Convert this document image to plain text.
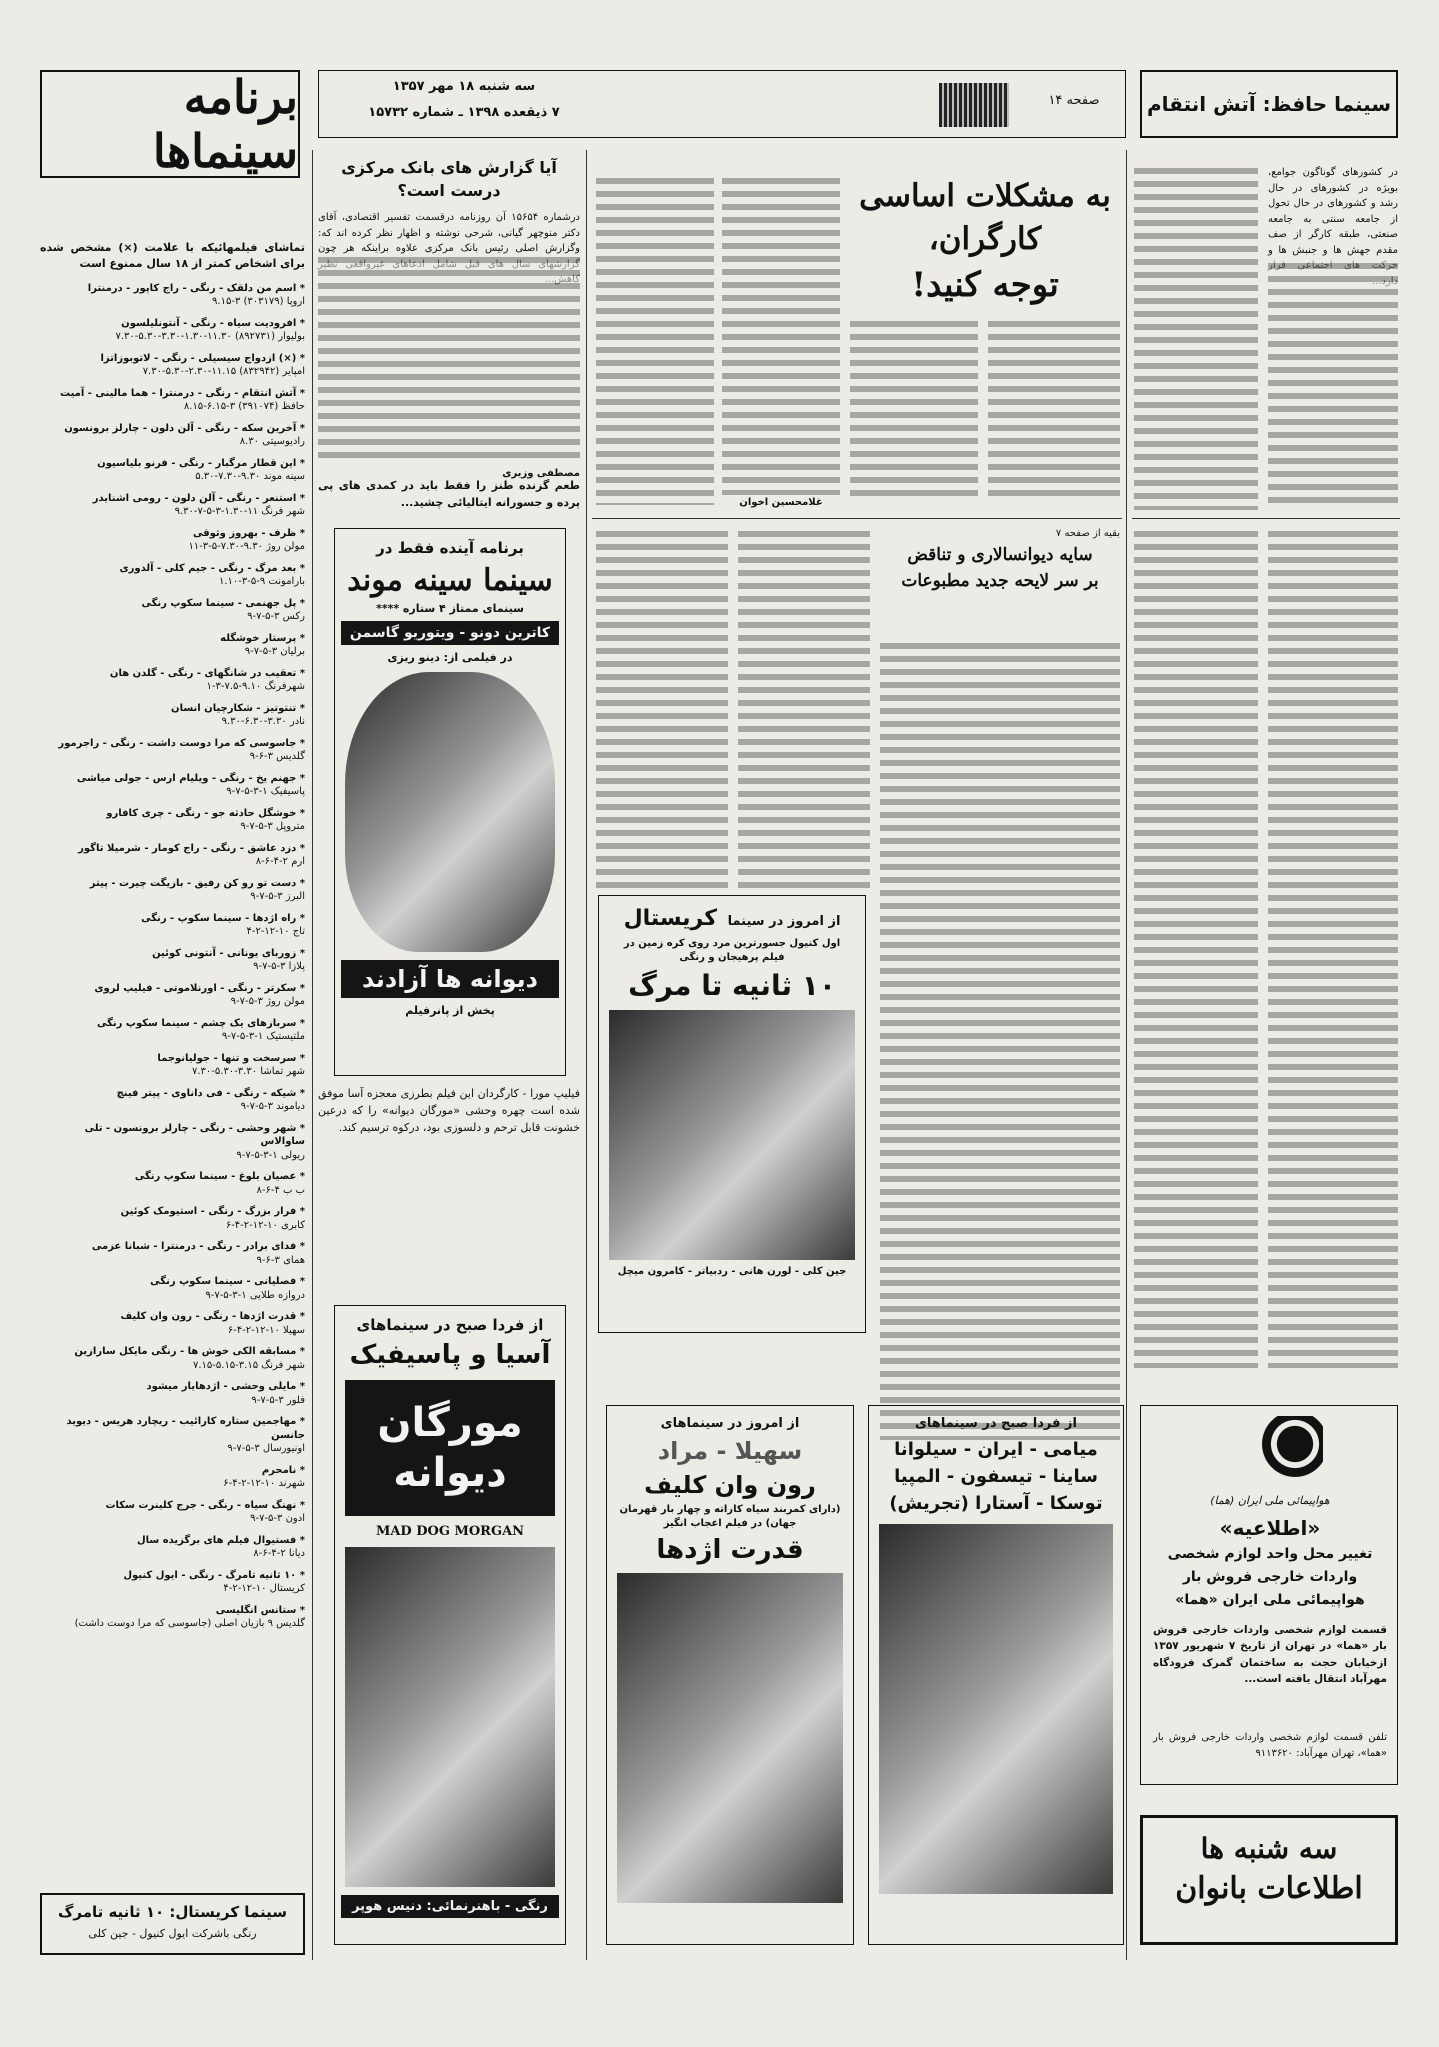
برنامه سینماها
سه شنبه ۱۸ مهر ۱۳۵۷
۷ ذیقعده ۱۳۹۸ ـ شماره ۱۵۷۳۲
صفحه ۱۴	سینما حافظ: آتش انتقام
تماشای فیلمهائیکه با علامت (×) مشخص شده برای اشخاص کمتر از ۱۸ سال ممنوع است
* اسم من دلقک - رنگی - راج کاپور - درمنترا
اروپا (۳۰۳۱۷۹) ۳-۹.۱۵
* افرودیت سیاه - رنگی - آنتونلیلسون
بولیوار (۸۹۲۷۳۱) ۱۱.۳۰-۱.۳۰-۳.۳۰-۵.۳۰-۷.۳۰
* (×) ازدواج سیسیلی - رنگی - لاتوبوزاتزا
امپایر (۸۳۲۹۴۲) ۱۱.۱۵-۲.۳۰-۵.۳۰-۷.۳۰
* آتش انتقام - رنگی - درمنترا - هما مالینی - آمیت
حافظ (۳۹۱۰۷۴) ۳-۶.۱۵-۸.۱۵
* آخرین سکه - رنگی - آلن دلون - چارلز برونسون
رادیوسیتی ۸.۳۰
* این قطار مرگبار - رنگی - فرنو بلیاسیون
سینه موند ۹.۳۰-۷.۳۰-۵.۳۰
* استنعر - رنگی - آلن دلون - رومی اشنایدر
شهر فرنگ ۱۱-۱.۳۰-۳-۵-۷-۹.۳۰
* ظرف - بهروز وثوقی
مولن روژ ۹.۳۰-۷.۳۰-۵-۳-۱۱
* بعد مرگ - رنگی - جیم کلی - آلدوری
بارامونت ۹-۵-۳-۱.۱۰
* پل جهنمی - سینما سکوپ رنگی
رکس ۳-۵-۷-۹
* پرستار خوشگله
برلیان ۳-۵-۷-۹
* تعقیب در شانگهای - رنگی - گلدن هان
شهرفرنگ ۹.۱۰-۷.۵-۳-۱
* تنتوتیز - شکارچیان انسان
نادر ۳.۳۰-۶.۳۰-۹.۳۰
* جاسوسی که مرا دوست داشت - رنگی - راجرمور
گلدیس ۳-۶-۹
* جهنم یخ - رنگی - ویلیام ارس - جولی میاشی
پاسیفیک ۱-۳-۵-۷-۹
* خوشگل حادثه جو - رنگی - چری کافارو
متروپل ۳-۵-۷-۹
* دزد عاشق - رنگی - راج کومار - شرمیلا تاگور
ارم ۲-۴-۶-۸
* دست تو رو کن رفیق - بازیگت چیرت - پیتر
البرز ۳-۵-۷-۹
* راه اژدها - سینما سکوپ - رنگی
تاج ۱۰-۱۲-۲-۴
* زوربای یونانی - آنتونی کوئین
پلازا ۳-۵-۷-۹
* سکرتر - رنگی - اورنلاموتی - فیلیپ لروی
مولن روژ ۳-۵-۷-۹
* سربازهای یک چشم - سینما سکوپ رنگی
ملتیستیک ۱-۳-۵-۷-۹
* سرسخت و تنها - جولیانوجما
شهر تماشا ۳.۳۰-۵.۳۰-۷.۳۰
* شیکه - رنگی - فی داناوی - پیتر فینچ
دیاموند ۳-۵-۷-۹
* شهر وحشی - رنگی - چارلز برونسون - تلی ساوالاس
ریولی ۱-۳-۵-۷-۹
* عصیان بلوغ - سینما سکوپ رنگی
ب ب ۴-۶-۸
* فرار بزرگ - رنگی - استیومک کوئین
کابری ۱۰-۱۲-۲-۴-۶
* فدای برادر - رنگی - درمنترا - شبانا عزمی
همای ۳-۶-۹
* فصلیانی - سینما سکوپ رنگی
دروازه طلایی ۱-۳-۵-۷-۹
* قدرت اژدها - رنگی - رون وان کلیف
سهیلا ۱۰-۱۲-۲-۴-۶
* مسابقه الکی خوش ها - رنگی مایکل سارازین
شهر فرنگ ۳.۱۵-۵.۱۵-۷.۱۵
* مایلی وحشی - اژدهایار میشود
فلور ۳-۵-۷-۹
* مهاجمین ستاره کارائیب - ریچارد هریس - دیوید جانسن
اونیورسال ۳-۵-۷-۹
* نامحرم
شهرند ۱۰-۱۲-۲-۴-۶
* نهنگ سیاه - رنگی - جرج کلینرت سکات
ادون ۳-۵-۷-۹
* فستیوال فیلم های برگزیده سال
دیانا ۲-۴-۶-۸
* ۱۰ ثانیه تامرگ - رنگی - ایول کنیول
کریستال ۱۰-۱۲-۲-۴
* ستانس انگلیسی
گلدیس ۹ بازیان اصلی (جاسوسی که مرا دوست داشت)
سینما کریستال: ۱۰ ثانیه تامرگ
رنگی باشرکت ایول کنیول - جین کلی
آیا گزارش های بانک مرکزی درست است؟
درشماره ۱۵۶۵۴ آن روزنامه درقسمت تفسیر اقتصادی، آقای دکتر منوچهر گیانی، شرحی نوشته و اظهار نظر کرده اند که: وگزارش اصلی رئیس بانک مرکزی علاوه براینکه هر چون
مصطفی وزیری
طعم گزنده طنز را فقط باید در کمدی های پی پرده و جسورانه ایتالیائی چشید...
برنامه آینده فقط در
سینما سینه موند
سینمای ممتاز ۴ ستاره ****
کاترین دونو - ویتوریو گاسمن
در فیلمی از: دینو ریزی
دیوانه ها آزادند
پخش از پانرفیلم
فیلیپ مورا - کارگردان این فیلم بطرزی معجزه آسا موفق شده است چهره وحشی «مورگان دیوانه» را که درعین خشونت قابل ترحم و دلسوزی بود، درکوه ترسیم کند.
از فردا صبح در سینماهای
آسیا و پاسیفیک
مورگان دیوانه
MAD DOG MORGAN
رنگی - باهنرنمائی: دنیس هوپر
به مشکلات اساسی کارگران،
توجه کنید!
غلامحسین اخوان
بقیه از صفحه ۷
سایه دیوانسالاری و تناقض
بر سر لایحه جدید مطبوعات
از امروز در سینما کریستال
اول کنیول جسورترین مرد روی کره زمین در فیلم پرهیجان و رنگی
۱۰ ثانیه تا مرگ
جین کلی - لورن هانی - ردبیاتر - کامرون میچل
از امروز در سینماهای
سهیلا - مراد
رون وان کلیف
(دارای کمربند سیاه کاراته و چهار بار قهرمان جهان) در فیلم اعجاب انگیز
قدرت اژدها
از فردا صبح در سینماهای
میامی - ایران - سیلوانا
ساینا - تیسفون - المپیا
توسکا - آستارا (تجریش)
در کشورهای گوناگون جوامع، بویژه در کشورهای در حال رشد و کشورهای در حال تحول از جامعه سنتی به جامعه صنعتی، طبقه کارگر از صف مقدم جهش ها و جنبش ها و
هواپیمائی ملی ایران (هما)
«اطلاعیه»
تغییر محل واحد لوازم شخصی
واردات خارجی فروش بار
هواپیمائی ملی ایران «هما»
قسمت لوازم شخصی واردات خارجی فروش بار «هما» در تهران از تاریخ ۷ شهریور ۱۳۵۷ ازخیابان حجت به ساختمان گمرک فرودگاه مهرآباد انتقال یافته است...
تلفن قسمت لوازم شخصی واردات خارجی فروش بار «هما»، تهران مهرآباد: ۹۱۱۳۶۲۰
سه شنبه ها
اطلاعات بانوان
